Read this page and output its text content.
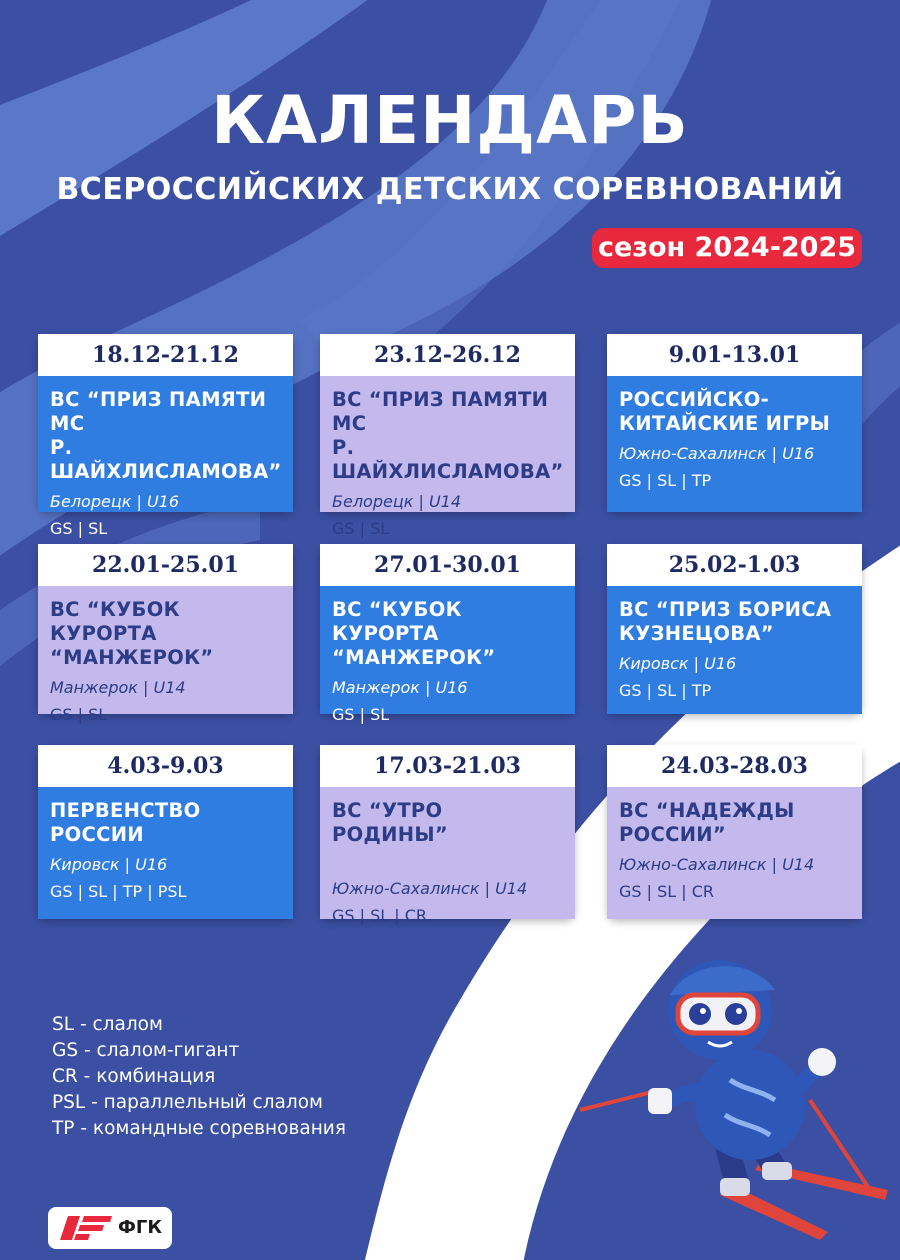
КАЛЕНДАРЬ
ВСЕРОССИЙСКИХ ДЕТСКИХ СОРЕВНОВАНИЙ
сезон 2024-2025
18.12-21.12
ВС “ПРИЗ ПАМЯТИ МС
Р. ШАЙХЛИСЛАМОВА”
Белорецк | U16
GS | SL
23.12-26.12
ВС “ПРИЗ ПАМЯТИ МС
Р. ШАЙХЛИСЛАМОВА”
Белорецк | U14
GS | SL
9.01-13.01
РОССИЙСКО-
КИТАЙСКИЕ ИГРЫ
Южно-Сахалинск | U16
GS | SL | TP
22.01-25.01
ВС “КУБОК КУРОРТА
“МАНЖЕРОК”
Манжерок | U14
GS | SL
27.01-30.01
ВС “КУБОК КУРОРТА
“МАНЖЕРОК”
Манжерок | U16
GS | SL
25.02-1.03
ВС “ПРИЗ БОРИСА
КУЗНЕЦОВА”
Кировск | U16
GS | SL | TP
4.03-9.03
ПЕРВЕНСТВО
РОССИИ
Кировск | U16
GS | SL | TP | PSL
17.03-21.03
ВС “УТРО РОДИНЫ”
Южно-Сахалинск | U14
GS | SL | CR
24.03-28.03
ВС “НАДЕЖДЫ
РОССИИ”
Южно-Сахалинск | U14
GS | SL | CR
SL - слалом
GS - слалом-гигант
CR - комбинация
PSL - параллельный слалом
TP - командные соревнования
ФГК
